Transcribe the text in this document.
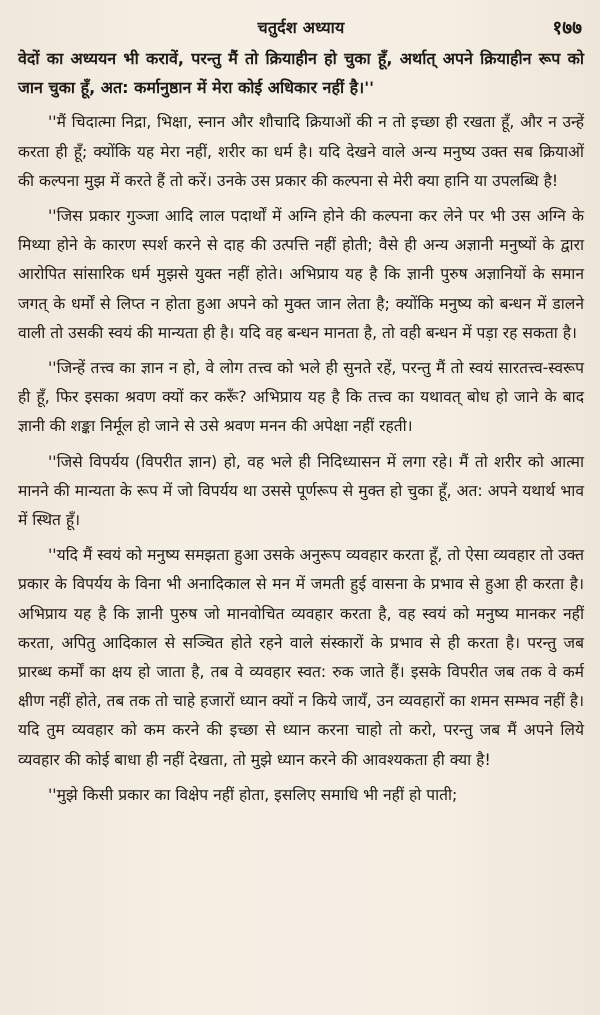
चतुर्दश अध्याय	१७७

वेदों का अध्ययन भी करावें, परन्तु मैं तो क्रियाहीन हो चुका हूँ, अर्थात् अपने क्रियाहीन रूप को जान चुका हूँ, अत: कर्मानुष्ठान में मेरा कोई अधिकार नहीं है।''

''मैं चिदात्मा निद्रा, भिक्षा, स्नान और शौचादि क्रियाओं की न तो इच्छा ही रखता हूँ, और न उन्हें करता ही हूँ; क्योंकि यह मेरा नहीं, शरीर का धर्म है। यदि देखने वाले अन्य मनुष्य उक्त सब क्रियाओं की कल्पना मुझ में करते हैं तो करें। उनके उस प्रकार की कल्पना से मेरी क्या हानि या उपलब्धि है!

''जिस प्रकार गुञ्जा आदि लाल पदार्थों में अग्नि होने की कल्पना कर लेने पर भी उस अग्नि के मिथ्या होने के कारण स्पर्श करने से दाह की उत्पत्ति नहीं होती; वैसे ही अन्य अज्ञानी मनुष्यों के द्वारा आरोपित सांसारिक धर्म मुझसे युक्त नहीं होते। अभिप्राय यह है कि ज्ञानी पुरुष अज्ञानियों के समान जगत् के धर्मों से लिप्त न होता हुआ अपने को मुक्त जान लेता है; क्योंकि मनुष्य को बन्धन में डालने वाली तो उसकी स्वयं की मान्यता ही है। यदि वह बन्धन मानता है, तो वही बन्धन में पड़ा रह सकता है।

''जिन्हें तत्त्व का ज्ञान न हो, वे लोग तत्त्व को भले ही सुनते रहें, परन्तु मैं तो स्वयं सारतत्त्व-स्वरूप ही हूँ, फिर इसका श्रवण क्यों कर करूँ? अभिप्राय यह है कि तत्त्व का यथावत् बोध हो जाने के बाद ज्ञानी की शङ्का निर्मूल हो जाने से उसे श्रवण मनन की अपेक्षा नहीं रहती।

''जिसे विपर्यय (विपरीत ज्ञान) हो, वह भले ही निदिध्यासन में लगा रहे। मैं तो शरीर को आत्मा मानने की मान्यता के रूप में जो विपर्यय था उससे पूर्णरूप से मुक्त हो चुका हूँ, अत: अपने यथार्थ भाव में स्थित हूँ।

''यदि मैं स्वयं को मनुष्य समझता हुआ उसके अनुरूप व्यवहार करता हूँ, तो ऐसा व्यवहार तो उक्त प्रकार के विपर्यय के विना भी अनादिकाल से मन में जमती हुई वासना के प्रभाव से हुआ ही करता है। अभिप्राय यह है कि ज्ञानी पुरुष जो मानवोचित व्यवहार करता है, वह स्वयं को मनुष्य मानकर नहीं करता, अपितु आदिकाल से सञ्चित होते रहने वाले संस्कारों के प्रभाव से ही करता है। परन्तु जब प्रारब्ध कर्मों का क्षय हो जाता है, तब वे व्यवहार स्वत: रुक जाते हैं। इसके विपरीत जब तक वे कर्म क्षीण नहीं होते, तब तक तो चाहे हजारों ध्यान क्यों न किये जायँ, उन व्यवहारों का शमन सम्भव नहीं है। यदि तुम व्यवहार को कम करने की इच्छा से ध्यान करना चाहो तो करो, परन्तु जब मैं अपने लिये व्यवहार की कोई बाधा ही नहीं देखता, तो मुझे ध्यान करने की आवश्यकता ही क्या है!

''मुझे किसी प्रकार का विक्षेप नहीं होता, इसलिए समाधि भी नहीं हो पाती;
